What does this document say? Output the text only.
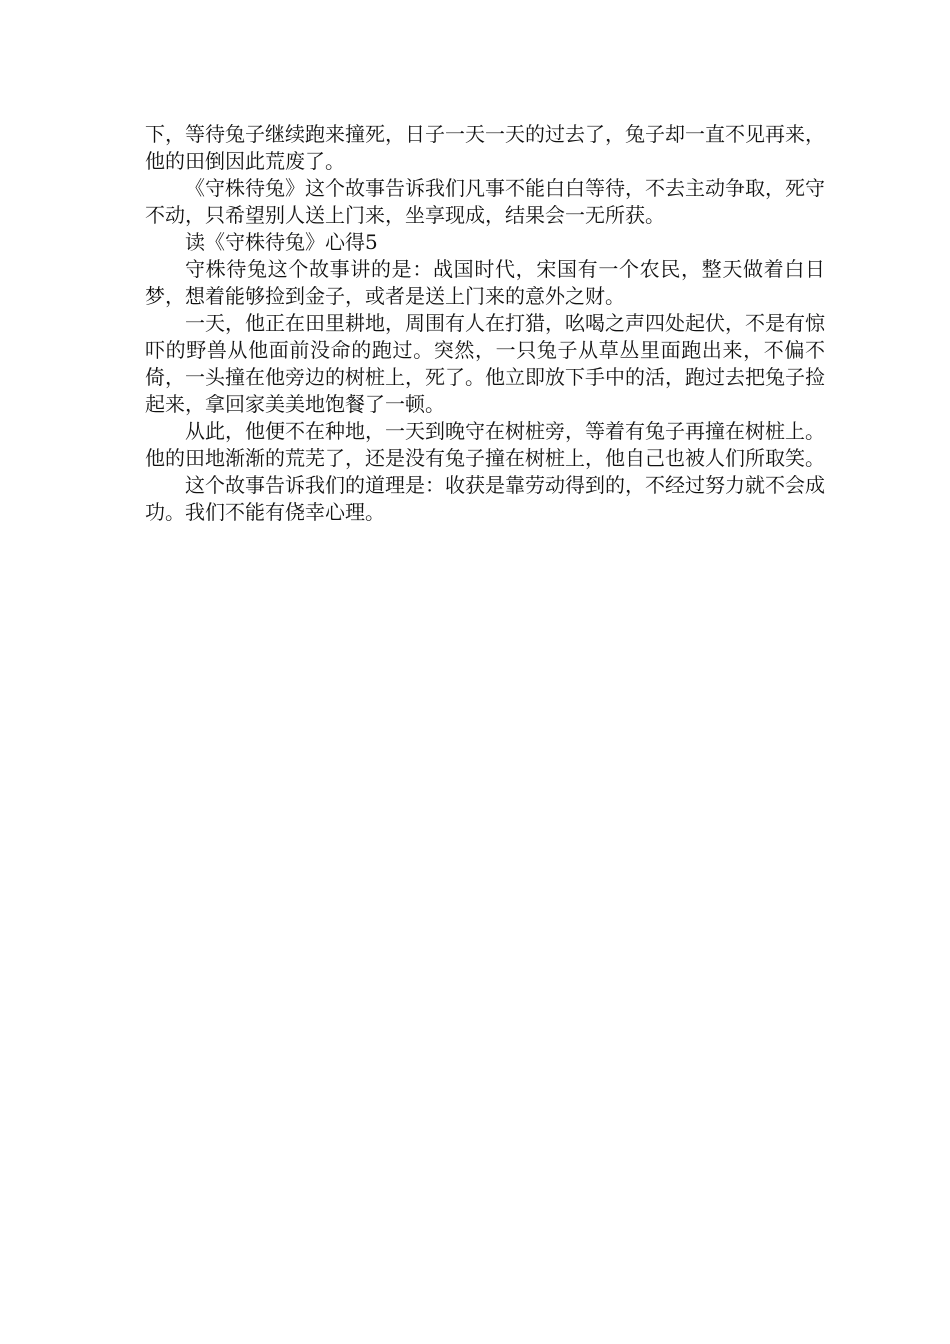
下，等待兔子继续跑来撞死，日子一天一天的过去了，兔子却一直不见再来，他的田倒因此荒废了。

《守株待兔》这个故事告诉我们凡事不能白白等待，不去主动争取，死守不动，只希望别人送上门来，坐享现成，结果会一无所获。

读《守株待兔》心得5

守株待兔这个故事讲的是：战国时代，宋国有一个农民，整天做着白日梦，想着能够捡到金子，或者是送上门来的意外之财。

一天，他正在田里耕地，周围有人在打猎，吆喝之声四处起伏，不是有惊吓的野兽从他面前没命的跑过。突然，一只兔子从草丛里面跑出来，不偏不倚，一头撞在他旁边的树桩上，死了。他立即放下手中的活，跑过去把兔子捡起来，拿回家美美地饱餐了一顿。

从此，他便不在种地，一天到晚守在树桩旁，等着有兔子再撞在树桩上。他的田地渐渐的荒芜了，还是没有兔子撞在树桩上，他自己也被人们所取笑。

这个故事告诉我们的道理是：收获是靠劳动得到的，不经过努力就不会成功。我们不能有侥幸心理。
